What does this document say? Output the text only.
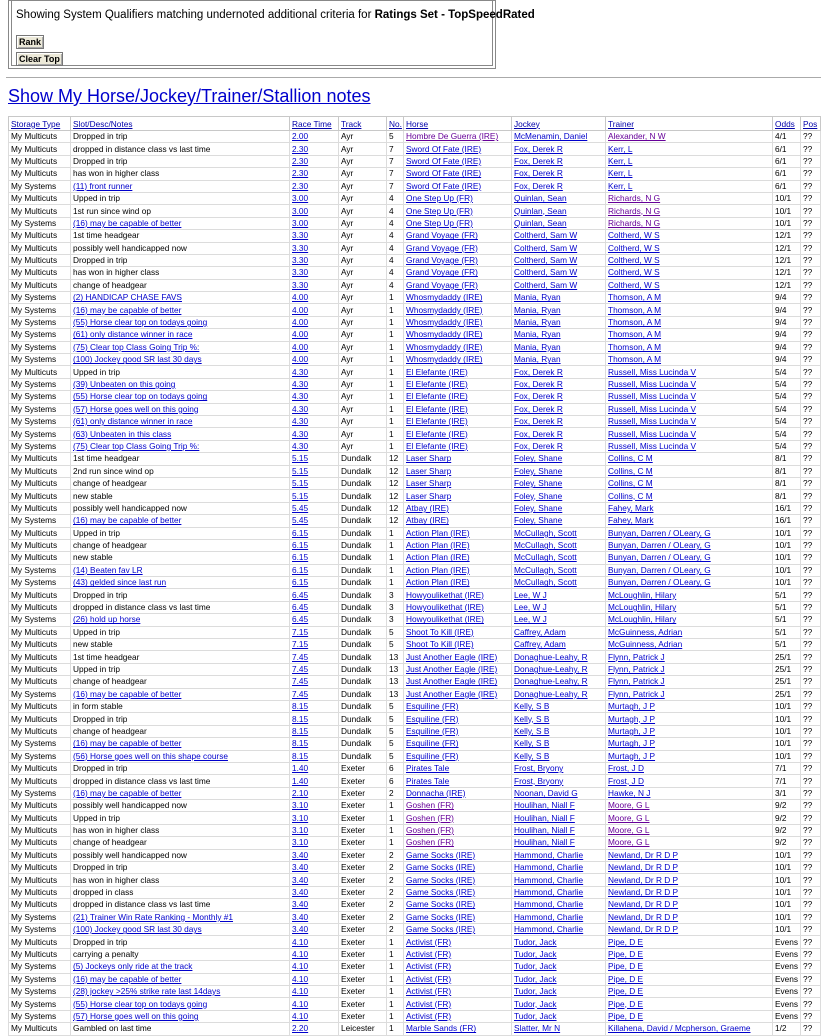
Showing System Qualifiers matching undernoted additional criteria for Ratings Set - TopSpeedRated
Rank
Clear Top
Show My Horse/Jockey/Trainer/Stallion notes
Storage Type	Slot/Desc/Notes	Race Time	Track	No.	Horse	Jockey	Trainer	Odds	Pos
My Multicuts	Dropped in trip	2.00	Ayr	5	Hombre De Guerra (IRE)	McMenamin, Daniel	Alexander, N W	4/1	??
My Multicuts	dropped in distance class vs last time	2.30	Ayr	7	Sword Of Fate (IRE)	Fox, Derek R	Kerr, L	6/1	??
My Multicuts	Dropped in trip	2.30	Ayr	7	Sword Of Fate (IRE)	Fox, Derek R	Kerr, L	6/1	??
My Multicuts	has won in higher class	2.30	Ayr	7	Sword Of Fate (IRE)	Fox, Derek R	Kerr, L	6/1	??
My Systems	(11) front runner	2.30	Ayr	7	Sword Of Fate (IRE)	Fox, Derek R	Kerr, L	6/1	??
My Multicuts	Upped in trip	3.00	Ayr	4	One Step Up (FR)	Quinlan, Sean	Richards, N G	10/1	??
My Multicuts	1st run since wind op	3.00	Ayr	4	One Step Up (FR)	Quinlan, Sean	Richards, N G	10/1	??
My Systems	(16) may be capable of better	3.00	Ayr	4	One Step Up (FR)	Quinlan, Sean	Richards, N G	10/1	??
My Multicuts	1st time headgear	3.30	Ayr	4	Grand Voyage (FR)	Coltherd, Sam W	Coltherd, W S	12/1	??
My Multicuts	possibly well handicapped now	3.30	Ayr	4	Grand Voyage (FR)	Coltherd, Sam W	Coltherd, W S	12/1	??
My Multicuts	Dropped in trip	3.30	Ayr	4	Grand Voyage (FR)	Coltherd, Sam W	Coltherd, W S	12/1	??
My Multicuts	has won in higher class	3.30	Ayr	4	Grand Voyage (FR)	Coltherd, Sam W	Coltherd, W S	12/1	??
My Multicuts	change of headgear	3.30	Ayr	4	Grand Voyage (FR)	Coltherd, Sam W	Coltherd, W S	12/1	??
My Systems	(2) HANDICAP CHASE FAVS	4.00	Ayr	1	Whosmydaddy (IRE)	Mania, Ryan	Thomson, A M	9/4	??
My Systems	(16) may be capable of better	4.00	Ayr	1	Whosmydaddy (IRE)	Mania, Ryan	Thomson, A M	9/4	??
My Systems	(55) Horse clear top on todays going	4.00	Ayr	1	Whosmydaddy (IRE)	Mania, Ryan	Thomson, A M	9/4	??
My Systems	(61) only distance winner in race	4.00	Ayr	1	Whosmydaddy (IRE)	Mania, Ryan	Thomson, A M	9/4	??
My Systems	(75) Clear top Class Going Trip %:	4.00	Ayr	1	Whosmydaddy (IRE)	Mania, Ryan	Thomson, A M	9/4	??
My Systems	(100) Jockey good SR last 30 days	4.00	Ayr	1	Whosmydaddy (IRE)	Mania, Ryan	Thomson, A M	9/4	??
My Multicuts	Upped in trip	4.30	Ayr	1	El Elefante (IRE)	Fox, Derek R	Russell, Miss Lucinda V	5/4	??
My Systems	(39) Unbeaten on this going	4.30	Ayr	1	El Elefante (IRE)	Fox, Derek R	Russell, Miss Lucinda V	5/4	??
My Systems	(55) Horse clear top on todays going	4.30	Ayr	1	El Elefante (IRE)	Fox, Derek R	Russell, Miss Lucinda V	5/4	??
My Systems	(57) Horse goes well on this going	4.30	Ayr	1	El Elefante (IRE)	Fox, Derek R	Russell, Miss Lucinda V	5/4	??
My Systems	(61) only distance winner in race	4.30	Ayr	1	El Elefante (IRE)	Fox, Derek R	Russell, Miss Lucinda V	5/4	??
My Systems	(63) Unbeaten in this class	4.30	Ayr	1	El Elefante (IRE)	Fox, Derek R	Russell, Miss Lucinda V	5/4	??
My Systems	(75) Clear top Class Going Trip %:	4.30	Ayr	1	El Elefante (IRE)	Fox, Derek R	Russell, Miss Lucinda V	5/4	??
My Multicuts	1st time headgear	5.15	Dundalk	12	Laser Sharp	Foley, Shane	Collins, C M	8/1	??
My Multicuts	2nd run since wind op	5.15	Dundalk	12	Laser Sharp	Foley, Shane	Collins, C M	8/1	??
My Multicuts	change of headgear	5.15	Dundalk	12	Laser Sharp	Foley, Shane	Collins, C M	8/1	??
My Multicuts	new stable	5.15	Dundalk	12	Laser Sharp	Foley, Shane	Collins, C M	8/1	??
My Multicuts	possibly well handicapped now	5.45	Dundalk	12	Atbay (IRE)	Foley, Shane	Fahey, Mark	16/1	??
My Systems	(16) may be capable of better	5.45	Dundalk	12	Atbay (IRE)	Foley, Shane	Fahey, Mark	16/1	??
My Multicuts	Upped in trip	6.15	Dundalk	1	Action Plan (IRE)	McCullagh, Scott	Bunyan, Darren / OLeary, G	10/1	??
My Multicuts	change of headgear	6.15	Dundalk	1	Action Plan (IRE)	McCullagh, Scott	Bunyan, Darren / OLeary, G	10/1	??
My Multicuts	new stable	6.15	Dundalk	1	Action Plan (IRE)	McCullagh, Scott	Bunyan, Darren / OLeary, G	10/1	??
My Systems	(14) Beaten fav LR	6.15	Dundalk	1	Action Plan (IRE)	McCullagh, Scott	Bunyan, Darren / OLeary, G	10/1	??
My Systems	(43) gelded since last run	6.15	Dundalk	1	Action Plan (IRE)	McCullagh, Scott	Bunyan, Darren / OLeary, G	10/1	??
My Multicuts	Dropped in trip	6.45	Dundalk	3	Howyoulikethat (IRE)	Lee, W J	McLoughlin, Hilary	5/1	??
My Multicuts	dropped in distance class vs last time	6.45	Dundalk	3	Howyoulikethat (IRE)	Lee, W J	McLoughlin, Hilary	5/1	??
My Systems	(26) hold up horse	6.45	Dundalk	3	Howyoulikethat (IRE)	Lee, W J	McLoughlin, Hilary	5/1	??
My Multicuts	Upped in trip	7.15	Dundalk	5	Shoot To Kill (IRE)	Caffrey, Adam	McGuinness, Adrian	5/1	??
My Multicuts	new stable	7.15	Dundalk	5	Shoot To Kill (IRE)	Caffrey, Adam	McGuinness, Adrian	5/1	??
My Multicuts	1st time headgear	7.45	Dundalk	13	Just Another Eagle (IRE)	Donaghue-Leahy, R	Flynn, Patrick J	25/1	??
My Multicuts	Upped in trip	7.45	Dundalk	13	Just Another Eagle (IRE)	Donaghue-Leahy, R	Flynn, Patrick J	25/1	??
My Multicuts	change of headgear	7.45	Dundalk	13	Just Another Eagle (IRE)	Donaghue-Leahy, R	Flynn, Patrick J	25/1	??
My Systems	(16) may be capable of better	7.45	Dundalk	13	Just Another Eagle (IRE)	Donaghue-Leahy, R	Flynn, Patrick J	25/1	??
My Multicuts	in form stable	8.15	Dundalk	5	Esquiline (FR)	Kelly, S B	Murtagh, J P	10/1	??
My Multicuts	Dropped in trip	8.15	Dundalk	5	Esquiline (FR)	Kelly, S B	Murtagh, J P	10/1	??
My Multicuts	change of headgear	8.15	Dundalk	5	Esquiline (FR)	Kelly, S B	Murtagh, J P	10/1	??
My Systems	(16) may be capable of better	8.15	Dundalk	5	Esquiline (FR)	Kelly, S B	Murtagh, J P	10/1	??
My Systems	(56) Horse goes well on this shape course	8.15	Dundalk	5	Esquiline (FR)	Kelly, S B	Murtagh, J P	10/1	??
My Multicuts	Dropped in trip	1.40	Exeter	6	Pirates Tale	Frost, Bryony	Frost, J D	7/1	??
My Multicuts	dropped in distance class vs last time	1.40	Exeter	6	Pirates Tale	Frost, Bryony	Frost, J D	7/1	??
My Systems	(16) may be capable of better	2.10	Exeter	2	Donnacha (IRE)	Noonan, David G	Hawke, N J	3/1	??
My Multicuts	possibly well handicapped now	3.10	Exeter	1	Goshen (FR)	Houlihan, Niall F	Moore, G L	9/2	??
My Multicuts	Upped in trip	3.10	Exeter	1	Goshen (FR)	Houlihan, Niall F	Moore, G L	9/2	??
My Multicuts	has won in higher class	3.10	Exeter	1	Goshen (FR)	Houlihan, Niall F	Moore, G L	9/2	??
My Multicuts	change of headgear	3.10	Exeter	1	Goshen (FR)	Houlihan, Niall F	Moore, G L	9/2	??
My Multicuts	possibly well handicapped now	3.40	Exeter	2	Game Socks (IRE)	Hammond, Charlie	Newland, Dr R D P	10/1	??
My Multicuts	Dropped in trip	3.40	Exeter	2	Game Socks (IRE)	Hammond, Charlie	Newland, Dr R D P	10/1	??
My Multicuts	has won in higher class	3.40	Exeter	2	Game Socks (IRE)	Hammond, Charlie	Newland, Dr R D P	10/1	??
My Multicuts	dropped in class	3.40	Exeter	2	Game Socks (IRE)	Hammond, Charlie	Newland, Dr R D P	10/1	??
My Multicuts	dropped in distance class vs last time	3.40	Exeter	2	Game Socks (IRE)	Hammond, Charlie	Newland, Dr R D P	10/1	??
My Systems	(21) Trainer Win Rate Ranking - Monthly #1	3.40	Exeter	2	Game Socks (IRE)	Hammond, Charlie	Newland, Dr R D P	10/1	??
My Systems	(100) Jockey good SR last 30 days	3.40	Exeter	2	Game Socks (IRE)	Hammond, Charlie	Newland, Dr R D P	10/1	??
My Multicuts	Dropped in trip	4.10	Exeter	1	Activist (FR)	Tudor, Jack	Pipe, D E	Evens	??
My Multicuts	carrying a penalty	4.10	Exeter	1	Activist (FR)	Tudor, Jack	Pipe, D E	Evens	??
My Systems	(5) Jockeys only ride at the track	4.10	Exeter	1	Activist (FR)	Tudor, Jack	Pipe, D E	Evens	??
My Systems	(16) may be capable of better	4.10	Exeter	1	Activist (FR)	Tudor, Jack	Pipe, D E	Evens	??
My Systems	(28) jockey >25% strike rate last 14days	4.10	Exeter	1	Activist (FR)	Tudor, Jack	Pipe, D E	Evens	??
My Systems	(55) Horse clear top on todays going	4.10	Exeter	1	Activist (FR)	Tudor, Jack	Pipe, D E	Evens	??
My Systems	(57) Horse goes well on this going	4.10	Exeter	1	Activist (FR)	Tudor, Jack	Pipe, D E	Evens	??
My Multicuts	Gambled on last time	2.20	Leicester	1	Marble Sands (FR)	Slatter, Mr N	Killahena, David / Mcpherson, Graeme	1/2	??
